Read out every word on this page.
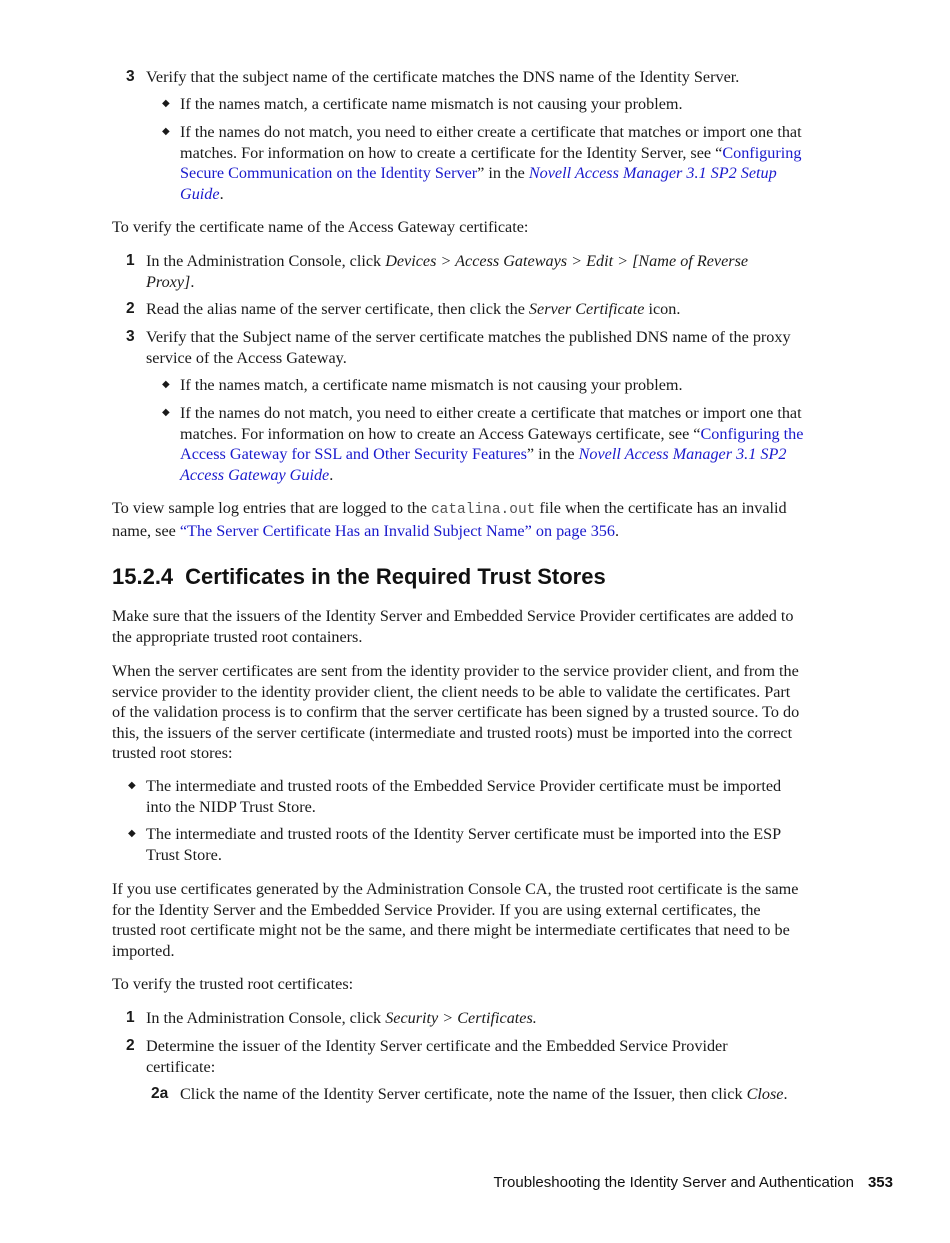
3 Verify that the subject name of the certificate matches the DNS name of the Identity Server.

◆ If the names match, a certificate name mismatch is not causing your problem.

◆ If the names do not match, you need to either create a certificate that matches or import one that matches. For information on how to create a certificate for the Identity Server, see “Configuring Secure Communication on the Identity Server” in the Novell Access Manager 3.1 SP2 Setup Guide.

To verify the certificate name of the Access Gateway certificate:

1 In the Administration Console, click Devices > Access Gateways > Edit > [Name of Reverse Proxy].

2 Read the alias name of the server certificate, then click the Server Certificate icon.

3 Verify that the Subject name of the server certificate matches the published DNS name of the proxy service of the Access Gateway.

◆ If the names match, a certificate name mismatch is not causing your problem.

◆ If the names do not match, you need to either create a certificate that matches or import one that matches. For information on how to create an Access Gateways certificate, see “Configuring the Access Gateway for SSL and Other Security Features” in the Novell Access Manager 3.1 SP2 Access Gateway Guide.

To view sample log entries that are logged to the catalina.out file when the certificate has an invalid name, see “The Server Certificate Has an Invalid Subject Name” on page 356.

15.2.4 Certificates in the Required Trust Stores

Make sure that the issuers of the Identity Server and Embedded Service Provider certificates are added to the appropriate trusted root containers.

When the server certificates are sent from the identity provider to the service provider client, and from the service provider to the identity provider client, the client needs to be able to validate the certificates. Part of the validation process is to confirm that the server certificate has been signed by a trusted source. To do this, the issuers of the server certificate (intermediate and trusted roots) must be imported into the correct trusted root stores:

◆ The intermediate and trusted roots of the Embedded Service Provider certificate must be imported into the NIDP Trust Store.

◆ The intermediate and trusted roots of the Identity Server certificate must be imported into the ESP Trust Store.

If you use certificates generated by the Administration Console CA, the trusted root certificate is the same for the Identity Server and the Embedded Service Provider. If you are using external certificates, the trusted root certificate might not be the same, and there might be intermediate certificates that need to be imported.

To verify the trusted root certificates:

1 In the Administration Console, click Security > Certificates.

2 Determine the issuer of the Identity Server certificate and the Embedded Service Provider certificate:

2a Click the name of the Identity Server certificate, note the name of the Issuer, then click Close.

Troubleshooting the Identity Server and Authentication 353
